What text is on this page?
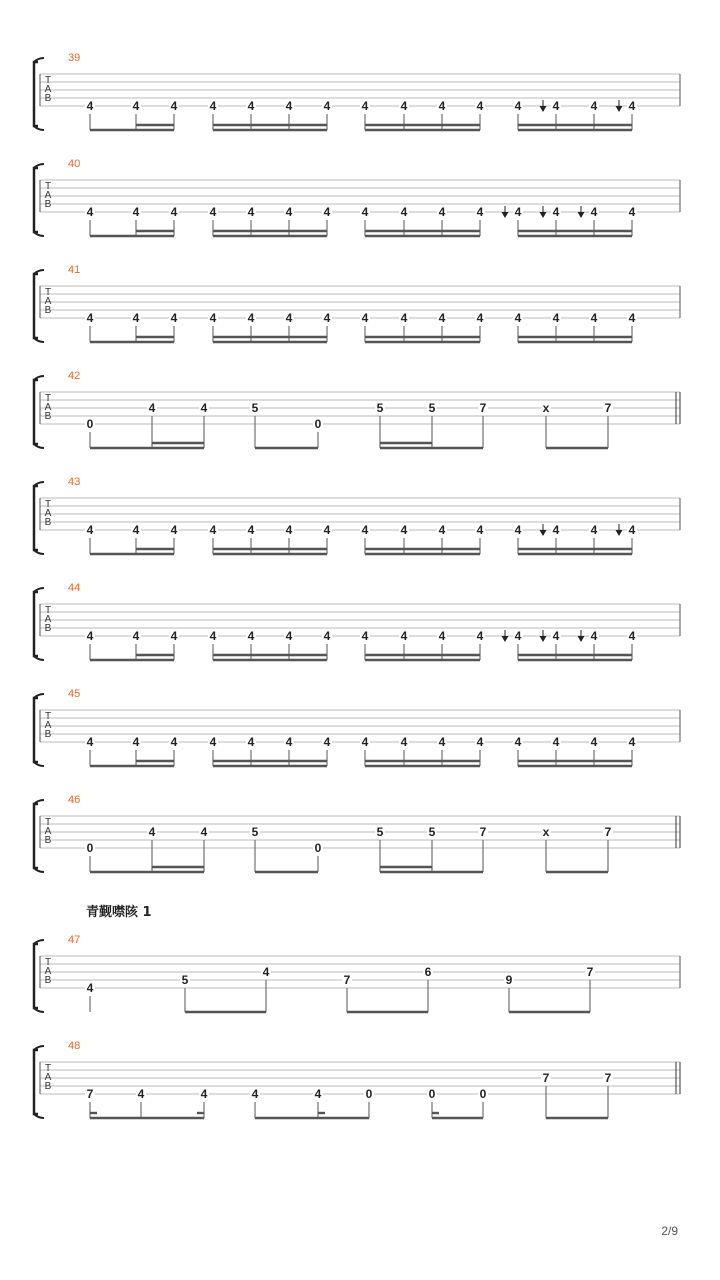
T
A
B
39
4	4	4	4	4	4	4	4	4	4	4	4	4	4	4
T
A
B
40
4	4	4	4	4	4	4	4	4	4	4	4	4	4	4
T
A
B
41
4	4	4	4	4	4	4	4	4	4	4	4	4	4	4
T
A
B
42
0
4	4	5
0
5	5	7	x	7
T
A
B
43
4	4	4	4	4	4	4	4	4	4	4	4	4	4	4
T
A
B
44
4	4	4	4	4	4	4	4	4	4	4	4	4	4	4
T
A
B
45
4	4	4	4	4	4	4	4	4	4	4	4	4	4	4
T
A
B
46
0
4	4	5
0
5	5	7	x	7
T
A
B
47
4
5
4
7
6
9
7
T
A
B
48
7	4	4	4	4	0	0	0
7	7
青觐噤陔 1
2/9
